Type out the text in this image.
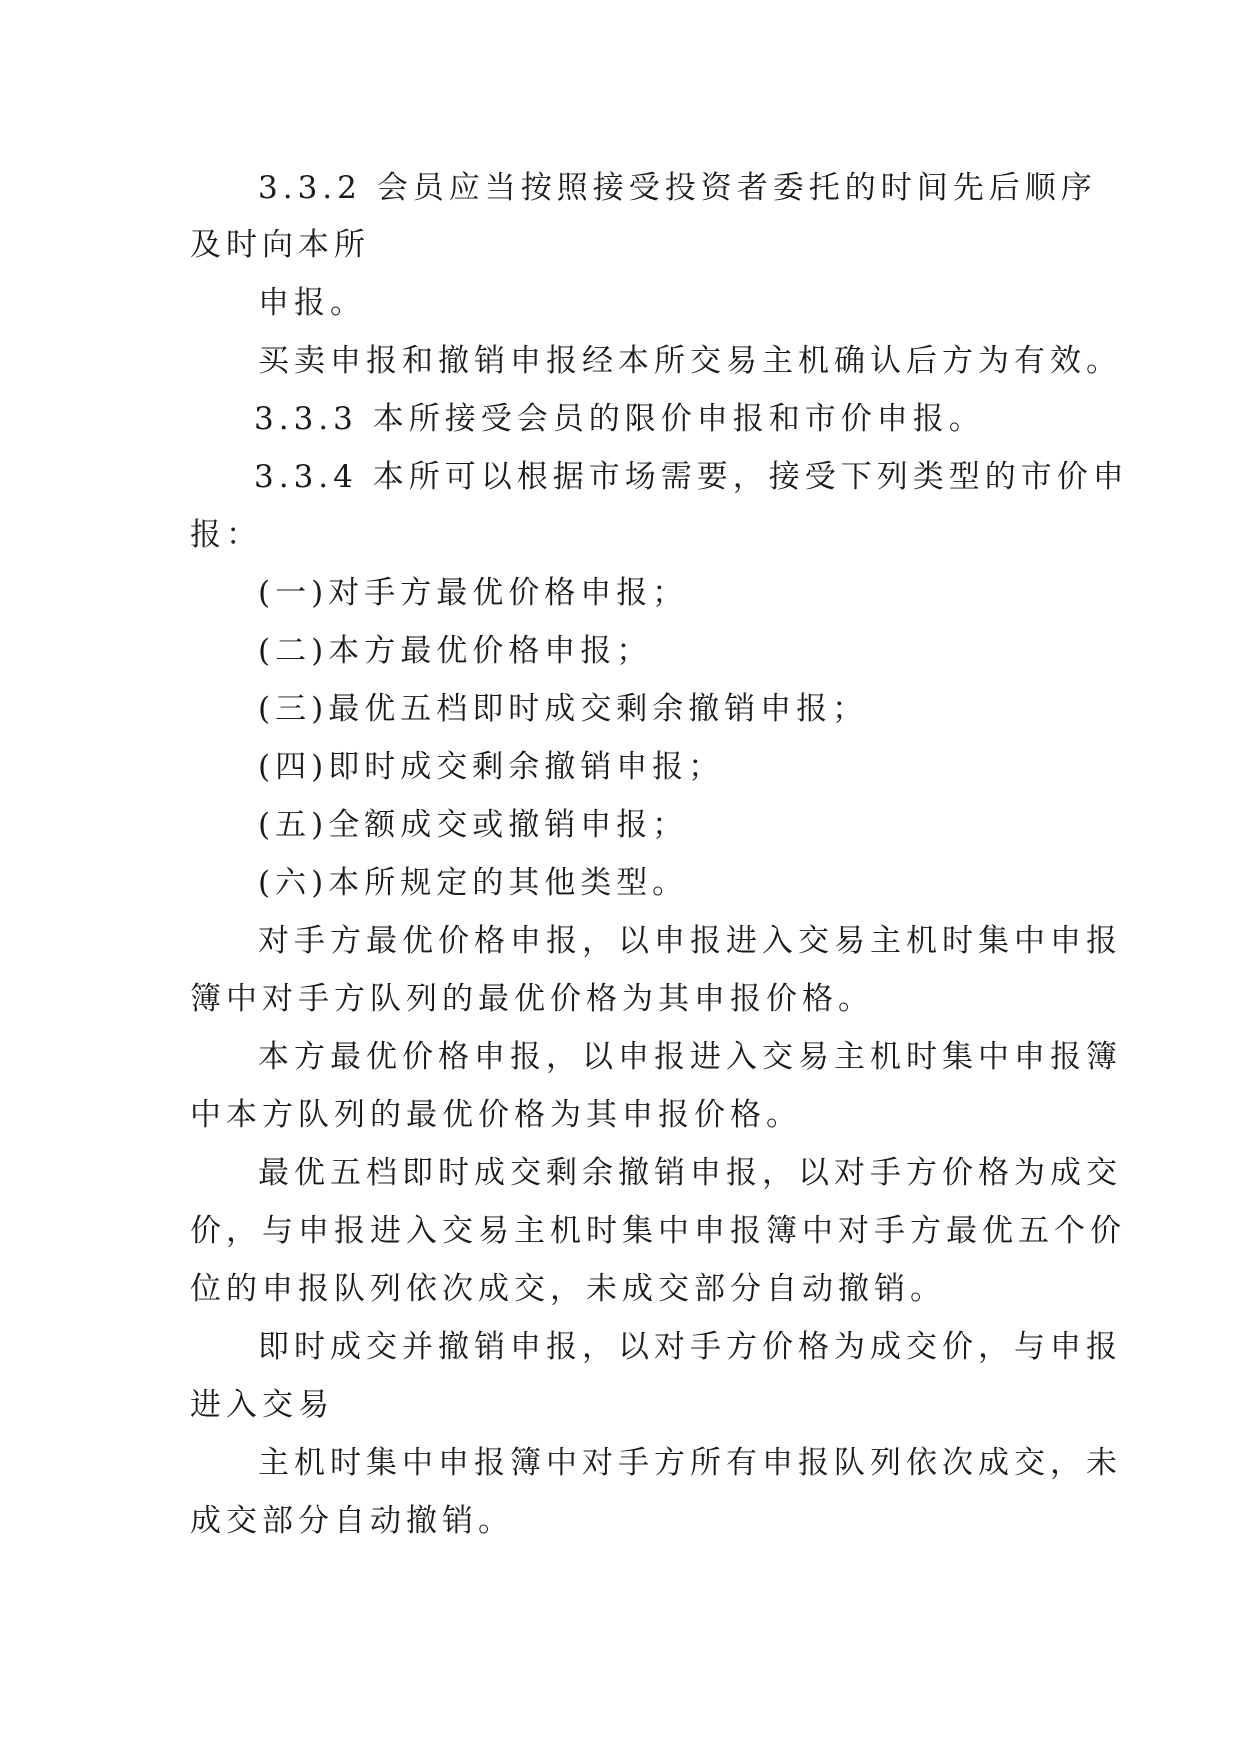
3.3.2 会员应当按照接受投资者委托的时间先后顺序
及时向本所
申报。
买卖申报和撤销申报经本所交易主机确认后方为有效。
3.3.3 本所接受会员的限价申报和市价申报。
3.3.4 本所可以根据市场需要，接受下列类型的市价申
报：
(一)对手方最优价格申报；
(二)本方最优价格申报；
(三)最优五档即时成交剩余撤销申报；
(四)即时成交剩余撤销申报；
(五)全额成交或撤销申报；
(六)本所规定的其他类型。
对手方最优价格申报，以申报进入交易主机时集中申报
簿中对手方队列的最优价格为其申报价格。
本方最优价格申报，以申报进入交易主机时集中申报簿
中本方队列的最优价格为其申报价格。
最优五档即时成交剩余撤销申报，以对手方价格为成交
价，与申报进入交易主机时集中申报簿中对手方最优五个价
位的申报队列依次成交，未成交部分自动撤销。
即时成交并撤销申报，以对手方价格为成交价，与申报
进入交易
主机时集中申报簿中对手方所有申报队列依次成交，未
成交部分自动撤销。
